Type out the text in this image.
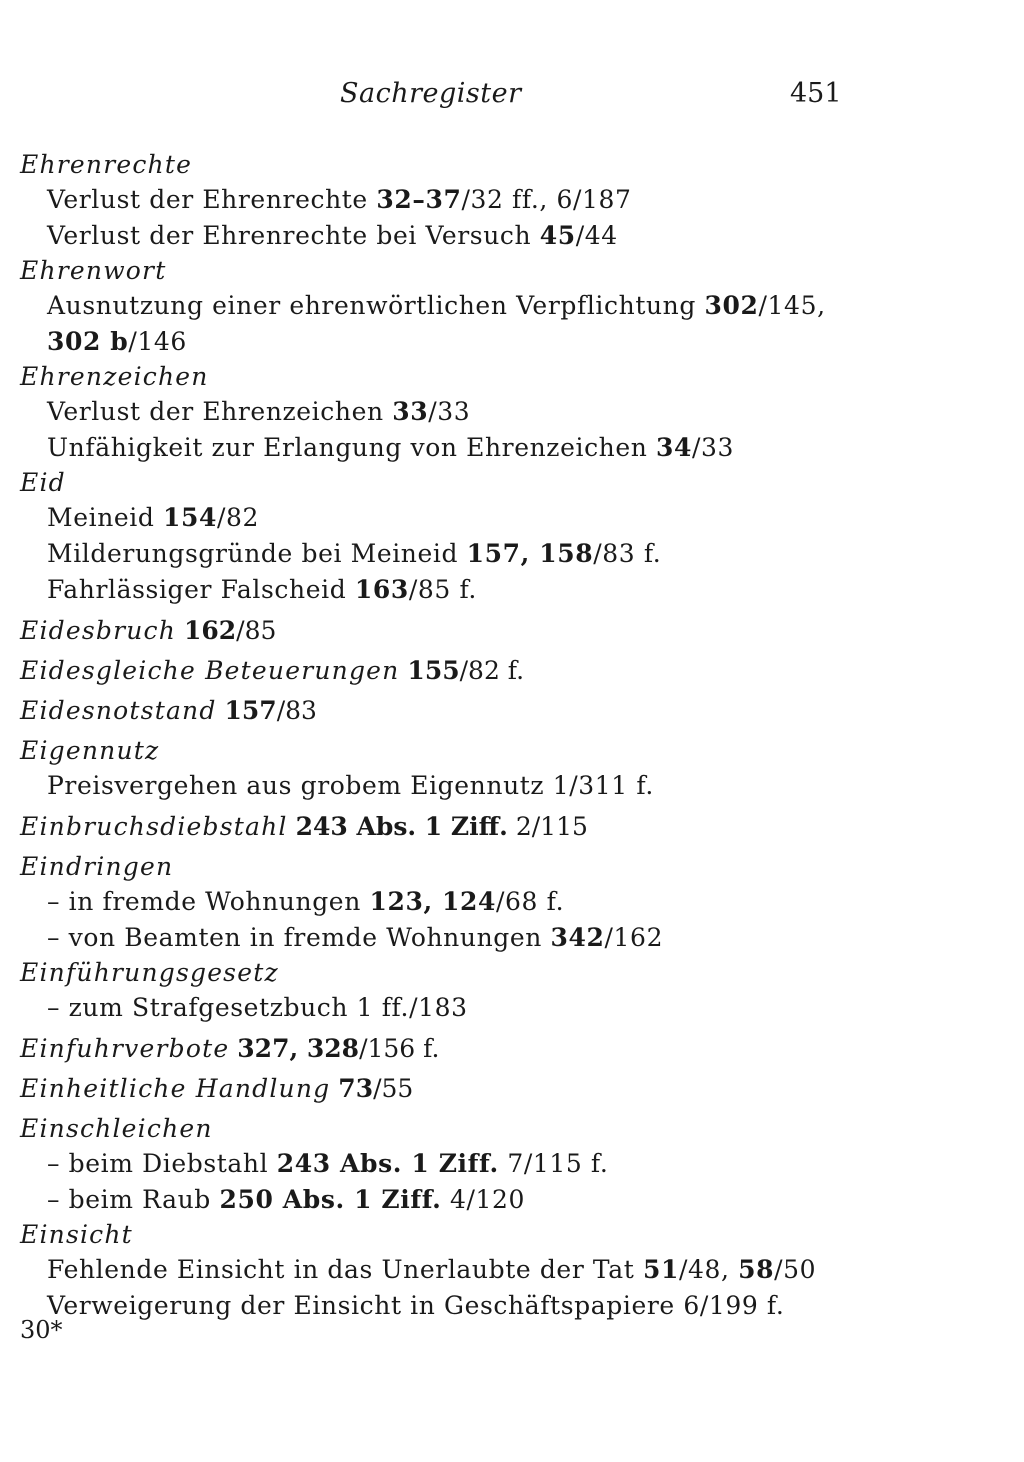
Sachregister	451
Ehrenrechte
Verlust der Ehrenrechte 32–37/32 ff., 6/187
Verlust der Ehrenrechte bei Versuch 45/44
Ehrenwort
Ausnutzung einer ehrenwörtlichen Verpflichtung 302/145,
302 b/146
Ehrenzeichen
Verlust der Ehrenzeichen 33/33
Unfähigkeit zur Erlangung von Ehrenzeichen 34/33
Eid
Meineid 154/82
Milderungsgründe bei Meineid 157, 158/83 f.
Fahrlässiger Falscheid 163/85 f.
Eidesbruch 162/85
Eidesgleiche Beteuerungen 155/82 f.
Eidesnotstand 157/83
Eigennutz
Preisvergehen aus grobem Eigennutz 1/311 f.
Einbruchsdiebstahl 243 Abs. 1 Ziff. 2/115
Eindringen
– in fremde Wohnungen 123, 124/68 f.
– von Beamten in fremde Wohnungen 342/162
Einführungsgesetz
– zum Strafgesetzbuch 1 ff./183
Einfuhrverbote 327, 328/156 f.
Einheitliche Handlung 73/55
Einschleichen
– beim Diebstahl 243 Abs. 1 Ziff. 7/115 f.
– beim Raub 250 Abs. 1 Ziff. 4/120
Einsicht
Fehlende Einsicht in das Unerlaubte der Tat 51/48, 58/50
Verweigerung der Einsicht in Geschäftspapiere 6/199 f.
30*
